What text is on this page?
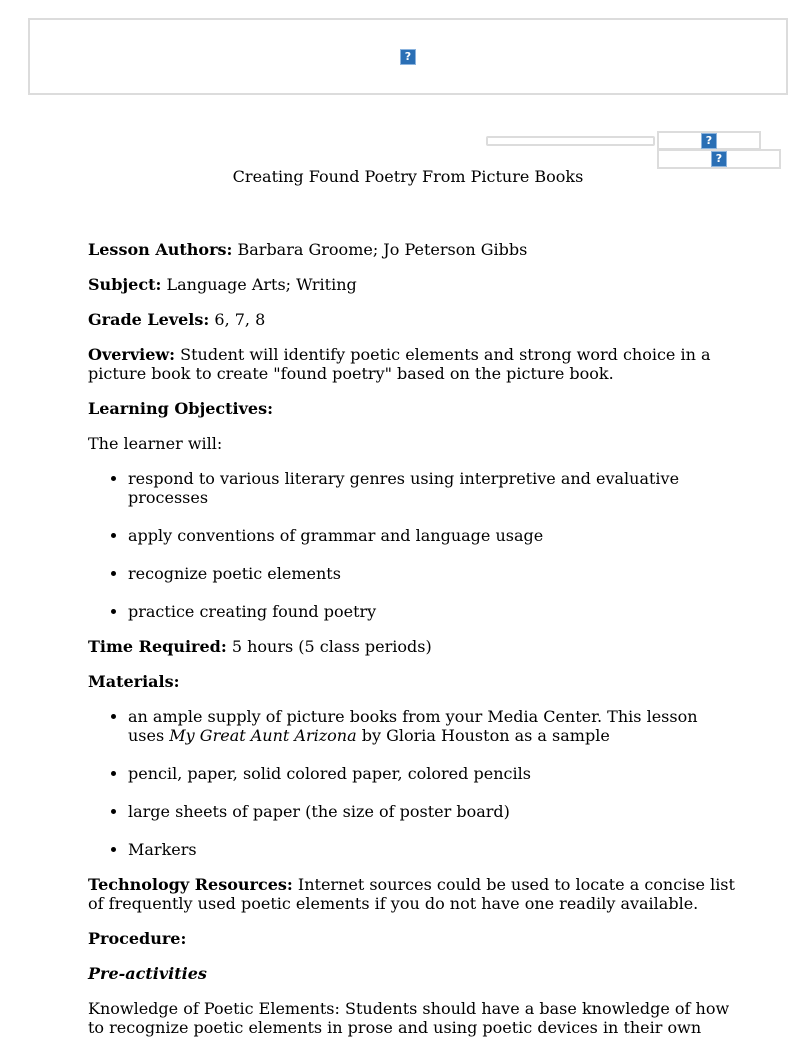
?
?
?
Creating Found Poetry From Picture Books

Lesson Authors: Barbara Groome; Jo Peterson Gibbs

Subject: Language Arts; Writing

Grade Levels: 6, 7, 8

Overview: Student will identify poetic elements and strong word choice in a picture book to create "found poetry" based on the picture book.

Learning Objectives:

The learner will:

• respond to various literary genres using interpretive and evaluative processes
• apply conventions of grammar and language usage
• recognize poetic elements
• practice creating found poetry

Time Required: 5 hours (5 class periods)

Materials:

• an ample supply of picture books from your Media Center. This lesson uses My Great Aunt Arizona by Gloria Houston as a sample
• pencil, paper, solid colored paper, colored pencils
• large sheets of paper (the size of poster board)
• Markers

Technology Resources: Internet sources could be used to locate a concise list of frequently used poetic elements if you do not have one readily available.

Procedure:

Pre-activities

Knowledge of Poetic Elements: Students should have a base knowledge of how to recognize poetic elements in prose and using poetic devices in their own
